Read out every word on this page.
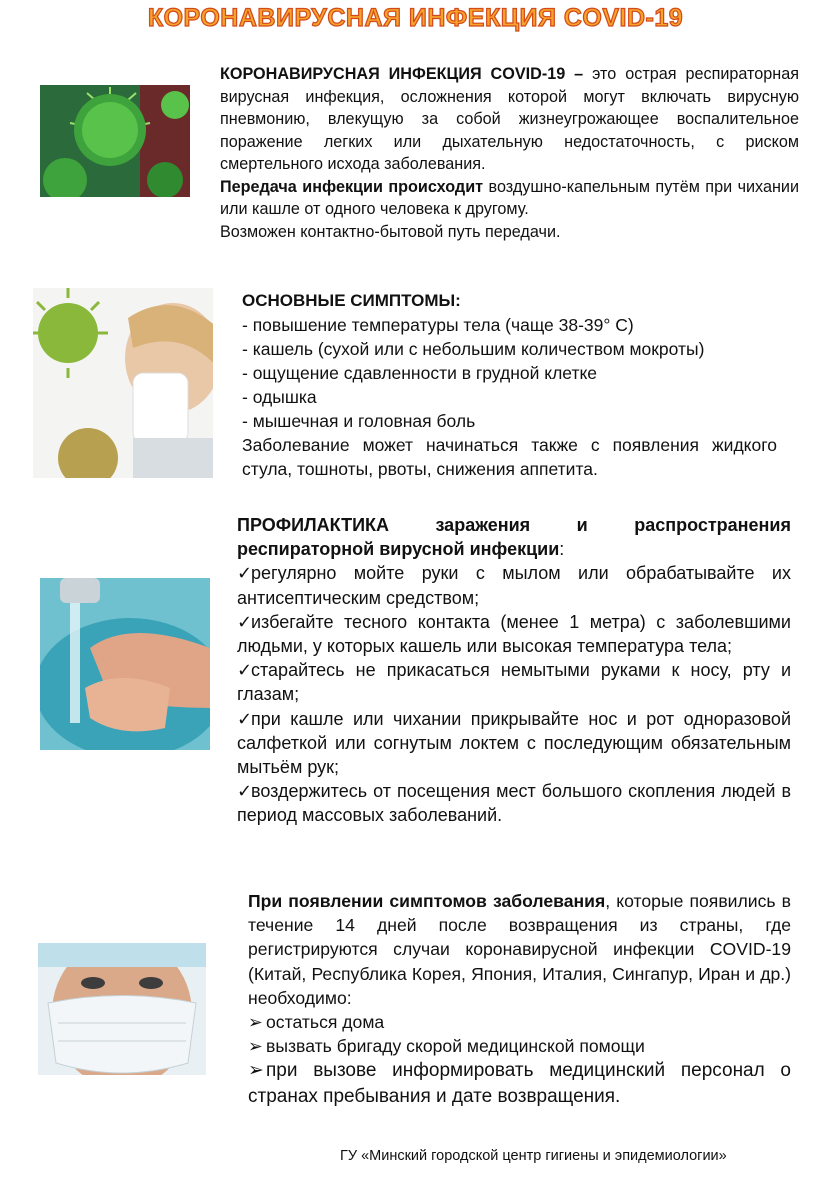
КОРОНАВИРУСНАЯ ИНФЕКЦИЯ COVID-19

КОРОНАВИРУСНАЯ ИНФЕКЦИЯ COVID-19 – это острая респираторная вирусная инфекция, осложнения которой могут включать вирусную пневмонию, влекущую за собой жизнеугрожающее воспалительное поражение легких или дыхательную недостаточность, с риском смертельного исхода заболевания.

Передача инфекции происходит воздушно-капельным путём при чихании или кашле от одного человека к другому.

Возможен контактно-бытовой путь передачи.

ОСНОВНЫЕ СИМПТОМЫ:

- повышение температуры тела (чаще 38-39° C)

- кашель (сухой или с небольшим количеством мокроты)

- ощущение сдавленности в грудной клетке

- одышка

- мышечная и головная боль

Заболевание может начинаться также с появления жидкого стула, тошноты, рвоты, снижения аппетита.

ПРОФИЛАКТИКА заражения и распространения респираторной вирусной инфекции:

✓регулярно мойте руки с мылом или обрабатывайте их антисептическим средством;

✓избегайте тесного контакта (менее 1 метра) с заболевшими людьми, у которых кашель или высокая температура тела;

✓старайтесь не прикасаться немытыми руками к носу, рту и глазам;

✓при кашле или чихании прикрывайте нос и рот одноразовой салфеткой или согнутым локтем с последующим обязательным мытьём рук;

✓воздержитесь от посещения мест большого скопления людей в период массовых заболеваний.

При появлении симптомов заболевания, которые появились в течение 14 дней после возвращения из страны, где регистрируются случаи коронавирусной инфекции COVID-19 (Китай, Республика Корея, Япония, Италия, Сингапур, Иран и др.) необходимо:

➢ остаться дома

➢ вызвать бригаду скорой медицинской помощи

➢ при вызове информировать медицинский персонал о странах пребывания и дате возвращения.

ГУ «Минский городской центр гигиены и эпидемиологии»
